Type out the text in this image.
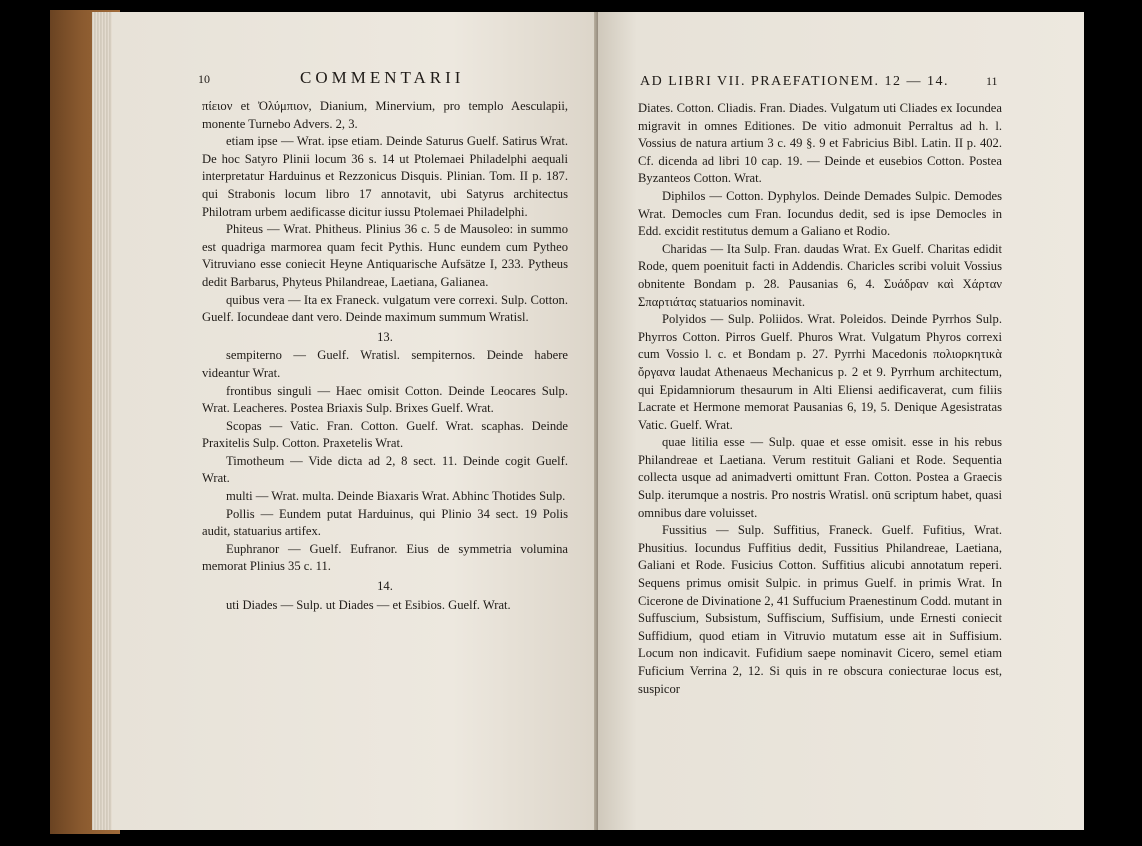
10	COMMENTARII

πίειον et Ὀλύμπιον, Dianium, Minervium, pro templo Aesculapii, monente Turnebo Advers. 2, 3.

etiam ipse — Wrat. ipse etiam. Deinde Saturus Guelf. Satirus Wrat. De hoc Satyro Plinii locum 36 s. 14 ut Ptolemaei Philadelphi aequali interpretatur Harduinus et Rezzonicus Disquis. Plinian. Tom. II p. 187. qui Strabonis locum libro 17 annotavit, ubi Satyrus architectus Philotram urbem aedificasse dicitur iussu Ptolemaei Philadelphi.

Phiteus — Wrat. Phitheus. Plinius 36 c. 5 de Mausoleo: in summo est quadriga marmorea quam fecit Pythis. Hunc eundem cum Pytheo Vitruviano esse coniecit Heyne Antiquarische Aufsätze I, 233. Pytheus dedit Barbarus, Phyteus Philandreae, Laetiana, Galianea.

quibus vera — Ita ex Franeck. vulgatum vere correxi. Sulp. Cotton. Guelf. Iocundeae dant vero. Deinde maximum summum Wratisl.

13.

sempiterno — Guelf. Wratisl. sempiternos. Deinde habere videantur Wrat.

frontibus singuli — Haec omisit Cotton. Deinde Leocares Sulp. Wrat. Leacheres. Postea Briaxis Sulp. Brixes Guelf. Wrat.

Scopas — Vatic. Fran. Cotton. Guelf. Wrat. scaphas. Deinde Praxitelis Sulp. Cotton. Praxetelis Wrat.

Timotheum — Vide dicta ad 2, 8 sect. 11. Deinde cogit Guelf. Wrat.

multi — Wrat. multa. Deinde Biaxaris Wrat. Abhinc Thotides Sulp.

Pollis — Eundem putat Harduinus, qui Plinio 34 sect. 19 Polis audit, statuarius artifex.

Euphranor — Guelf. Eufranor. Eius de symmetria volumina memorat Plinius 35 c. 11.

14.

uti Diades — Sulp. ut Diades — et Esibios. Guelf. Wrat.

AD LIBRI VII. PRAEFATIONEM. 12 — 14.	11

Diates. Cotton. Cliadis. Fran. Diades. Vulgatum uti Cliades ex Iocundea migravit in omnes Editiones. De vitio admonuit Perraltus ad h. l. Vossius de natura artium 3 c. 49 §. 9 et Fabricius Bibl. Latin. II p. 402. Cf. dicenda ad libri 10 cap. 19. — Deinde et eusebios Cotton. Postea Byzanteos Cotton. Wrat.

Diphilos — Cotton. Dyphylos. Deinde Demades Sulpic. Demodes Wrat. Democles cum Fran. Iocundus dedit, sed is ipse Democles in Edd. excidit restitutus demum a Galiano et Rodio.

Charidas — Ita Sulp. Fran. daudas Wrat. Ex Guelf. Charitas edidit Rode, quem poenituit facti in Addendis. Charicles scribi voluit Vossius obnitente Bondam p. 28. Pausanias 6, 4. Συάδραν καὶ Χάρταν Σπαρτιάτας statuarios nominavit.

Polyidos — Sulp. Poliidos. Wrat. Poleidos. Deinde Pyrrhos Sulp. Phyrros Cotton. Pirros Guelf. Phuros Wrat. Vulgatum Phyros correxi cum Vossio l. c. et Bondam p. 27. Pyrrhi Macedonis πολιορκητικὰ ὄργανα laudat Athenaeus Mechanicus p. 2 et 9. Pyrrhum architectum, qui Epidamniorum thesaurum in Alti Eliensi aedificaverat, cum filiis Lacrate et Hermone memorat Pausanias 6, 19, 5. Denique Agesistratas Vatic. Guelf. Wrat.

quae litilia esse — Sulp. quae et esse omisit. esse in his rebus Philandreae et Laetiana. Verum restituit Galiani et Rode. Sequentia collecta usque ad animadverti omittunt Fran. Cotton. Postea a Graecis Sulp. iterumque a nostris. Pro nostris Wratisl. onū scriptum habet, quasi omnibus dare voluisset.

Fussitius — Sulp. Suffitius, Franeck. Guelf. Fufitius, Wrat. Phusitius. Iocundus Fuffitius dedit, Fussitius Philandreae, Laetiana, Galiani et Rode. Fusicius Cotton. Suffitius alicubi annotatum reperi. Sequens primus omisit Sulpic. in primus Guelf. in primis Wrat. In Cicerone de Divinatione 2, 41 Suffucium Praenestinum Codd. mutant in Suffuscium, Subsistum, Suffiscium, Suffisium, unde Ernesti coniecit Suffidium, quod etiam in Vitruvio mutatum esse ait in Suffisium. Locum non indicavit. Fufidium saepe nominavit Cicero, semel etiam Fuficium Verrina 2, 12. Si quis in re obscura coniecturae locus est, suspicor
